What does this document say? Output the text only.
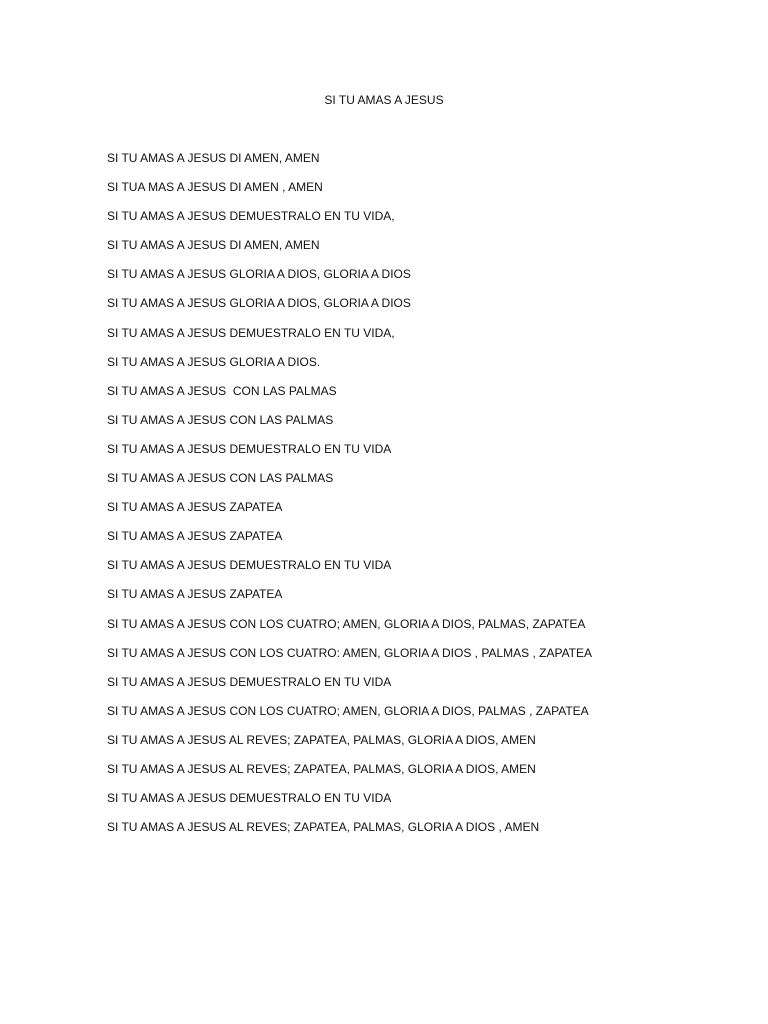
SI TU AMAS A JESUS
SI TU AMAS A JESUS DI AMEN, AMEN
SI TUA MAS A JESUS DI AMEN , AMEN
SI TU AMAS A JESUS DEMUESTRALO EN TU VIDA,
SI TU AMAS A JESUS DI AMEN, AMEN
SI TU AMAS A JESUS GLORIA A DIOS, GLORIA A DIOS
SI TU AMAS A JESUS GLORIA A DIOS, GLORIA A DIOS
SI TU AMAS A JESUS DEMUESTRALO EN TU VIDA,
SI TU AMAS A JESUS GLORIA A DIOS.
SI TU AMAS A JESUS  CON LAS PALMAS
SI TU AMAS A JESUS CON LAS PALMAS
SI TU AMAS A JESUS DEMUESTRALO EN TU VIDA
SI TU AMAS A JESUS CON LAS PALMAS
SI TU AMAS A JESUS ZAPATEA
SI TU AMAS A JESUS ZAPATEA
SI TU AMAS A JESUS DEMUESTRALO EN TU VIDA
SI TU AMAS A JESUS ZAPATEA
SI TU AMAS A JESUS CON LOS CUATRO; AMEN, GLORIA A DIOS, PALMAS, ZAPATEA
SI TU AMAS A JESUS CON LOS CUATRO: AMEN, GLORIA A DIOS , PALMAS , ZAPATEA
SI TU AMAS A JESUS DEMUESTRALO EN TU VIDA
SI TU AMAS A JESUS CON LOS CUATRO; AMEN, GLORIA A DIOS, PALMAS , ZAPATEA
SI TU AMAS A JESUS AL REVES; ZAPATEA, PALMAS, GLORIA A DIOS, AMEN
SI TU AMAS A JESUS AL REVES; ZAPATEA, PALMAS, GLORIA A DIOS, AMEN
SI TU AMAS A JESUS DEMUESTRALO EN TU VIDA
SI TU AMAS A JESUS AL REVES; ZAPATEA, PALMAS, GLORIA A DIOS , AMEN
